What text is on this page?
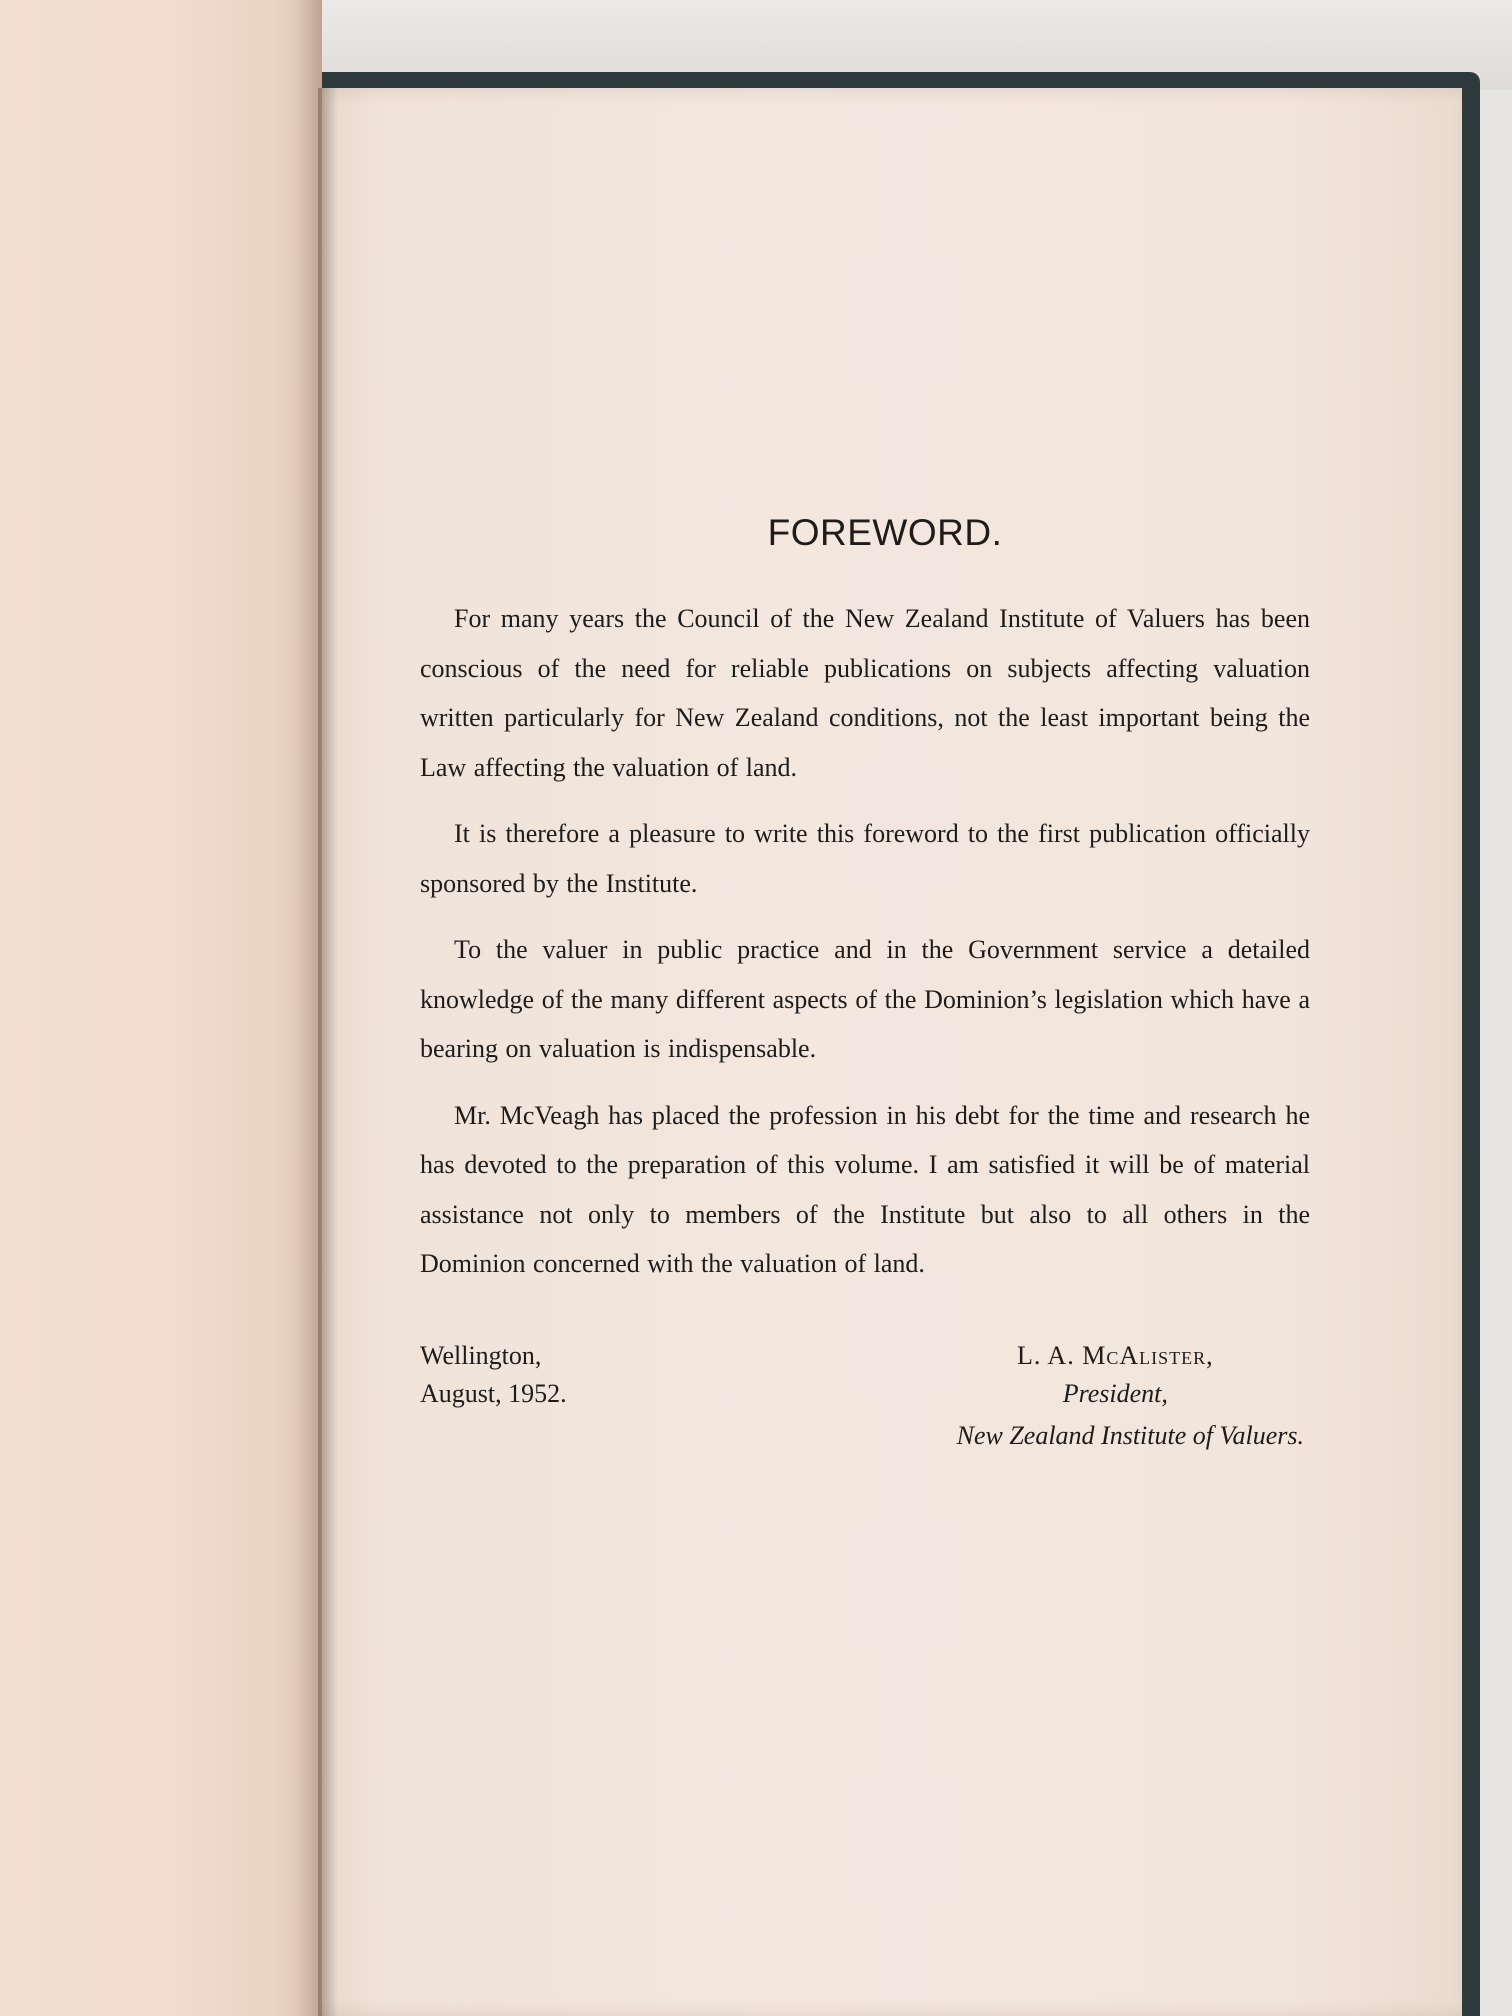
FOREWORD.

For many years the Council of the New Zealand Institute of Valuers has been conscious of the need for reliable publications on subjects affecting valuation written particularly for New Zealand conditions, not the least important being the Law affecting the valuation of land.

It is therefore a pleasure to write this foreword to the first publication officially sponsored by the Institute.

To the valuer in public practice and in the Government service a detailed knowledge of the many different aspects of the Dominion’s legislation which have a bearing on valuation is indispensable.

Mr. McVeagh has placed the profession in his debt for the time and research he has devoted to the preparation of this volume. I am satisfied it will be of material assistance not only to members of the Institute but also to all others in the Dominion concerned with the valuation of land.

Wellington,
August, 1952.
L. A. McAlister,
President,
New Zealand Institute of Valuers.
